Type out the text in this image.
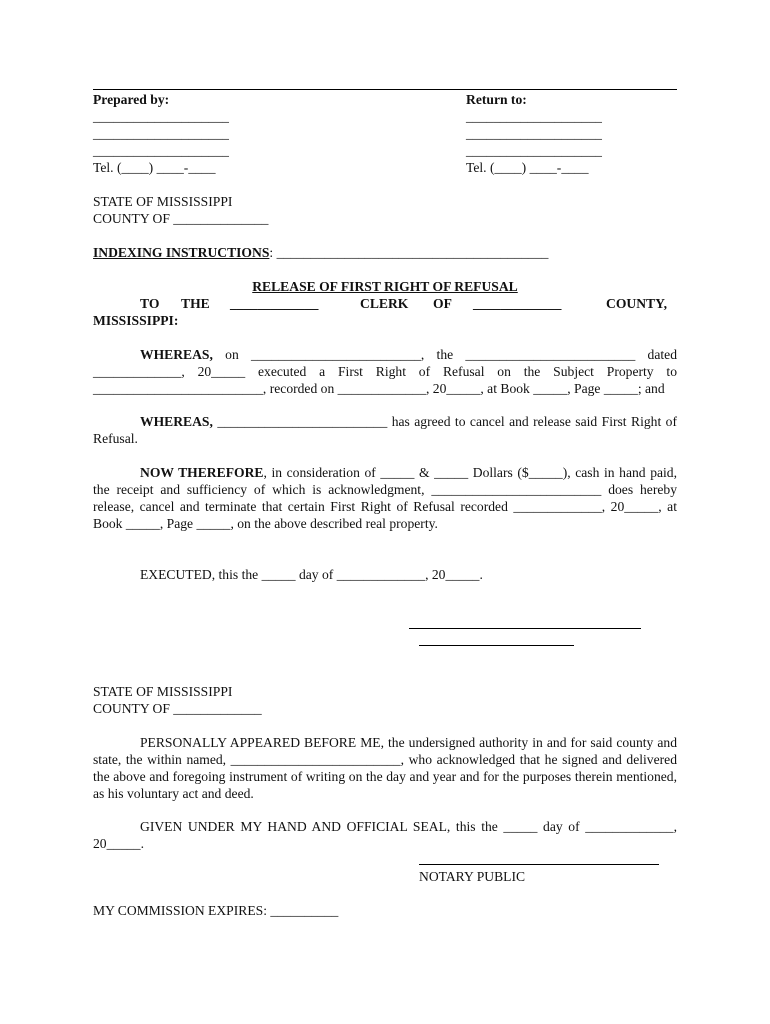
Prepared by:
____________________
____________________
____________________
Tel. (____) ____-____
Return to:
____________________
____________________
____________________
Tel. (____) ____-____
STATE OF MISSISSIPPI
COUNTY OF ______________
INDEXING INSTRUCTIONS: ________________________________________
RELEASE OF FIRST RIGHT OF REFUSAL
TO THE _____________	CLERK OF _____________	COUNTY,
MISSISSIPPI:
WHEREAS, on _________________________, the _________________________ dated _____________, 20_____ executed a First Right of Refusal on the Subject Property to _________________________, recorded on _____________, 20_____, at Book _____, Page _____; and
WHEREAS, _________________________ has agreed to cancel and release said First Right of Refusal.
NOW THEREFORE, in consideration of _____ & _____ Dollars ($_____), cash in hand paid, the receipt and sufficiency of which is acknowledgment, _________________________ does hereby release, cancel and terminate that certain First Right of Refusal recorded _____________, 20_____, at Book _____, Page _____, on the above described real property.
EXECUTED, this the _____ day of _____________, 20_____.
STATE OF MISSISSIPPI
COUNTY OF _____________
PERSONALLY APPEARED BEFORE ME, the undersigned authority in and for said county and state, the within named, _________________________, who acknowledged that he signed and delivered the above and foregoing instrument of writing on the day and year and for the purposes therein mentioned, as his voluntary act and deed.
GIVEN UNDER MY HAND AND OFFICIAL SEAL, this the _____ day of _____________, 20_____.
NOTARY PUBLIC
MY COMMISSION EXPIRES: __________
